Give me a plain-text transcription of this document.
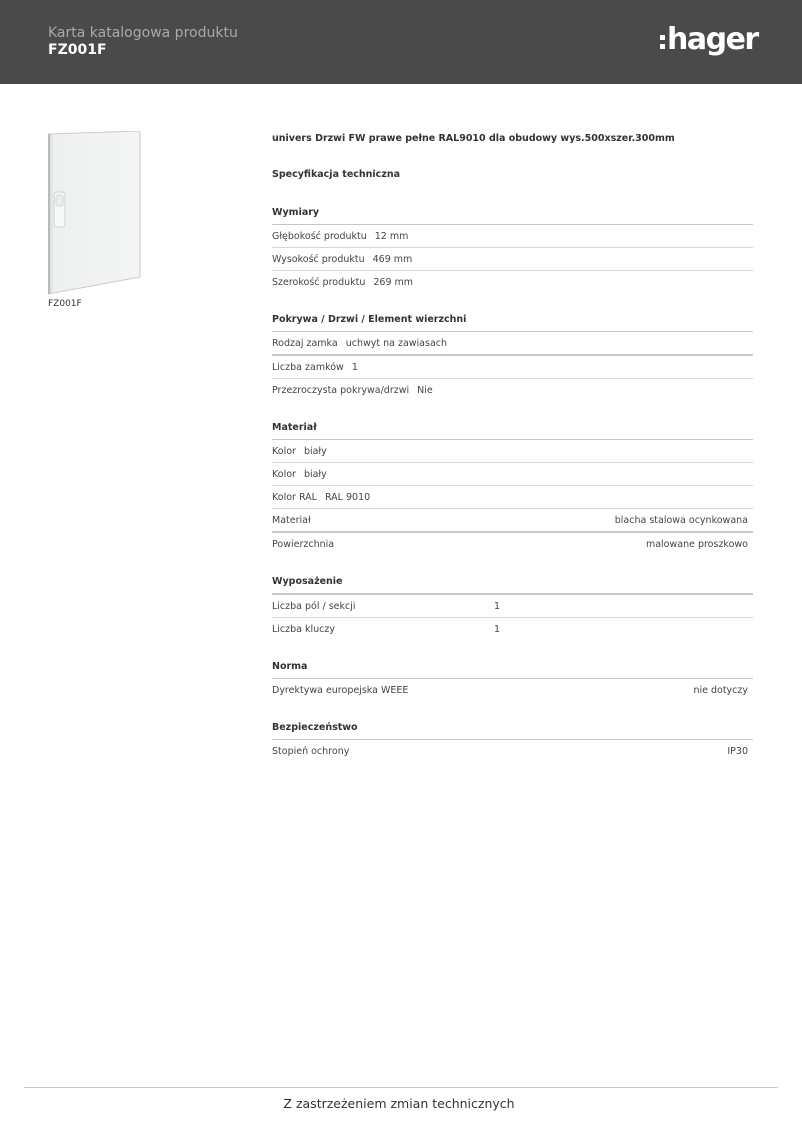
Karta katalogowa produktu
FZ001F	hager
FZ001F
univers Drzwi FW prawe pełne RAL9010 dla obudowy wys.500xszer.300mm
Specyfikacja techniczna
Wymiary
Głębokość produktu 12 mm
Wysokość produktu 469 mm
Szerokość produktu 269 mm
Pokrywa / Drzwi / Element wierzchni
Rodzaj zamka uchwyt na zawiasach
Liczba zamków 1
Przezroczysta pokrywa/drzwi Nie
Materiał
Kolor biały
Kolor biały
Kolor RAL RAL 9010
Materiał	blacha stalowa ocynkowana
Powierzchnia	malowane proszkowo
Wyposażenie
Liczba pól / sekcji	1
Liczba kluczy	1
Norma
Dyrektywa europejska WEEE	nie dotyczy
Bezpieczeństwo
Stopień ochrony	IP30
Z zastrzeżeniem zmian technicznych
